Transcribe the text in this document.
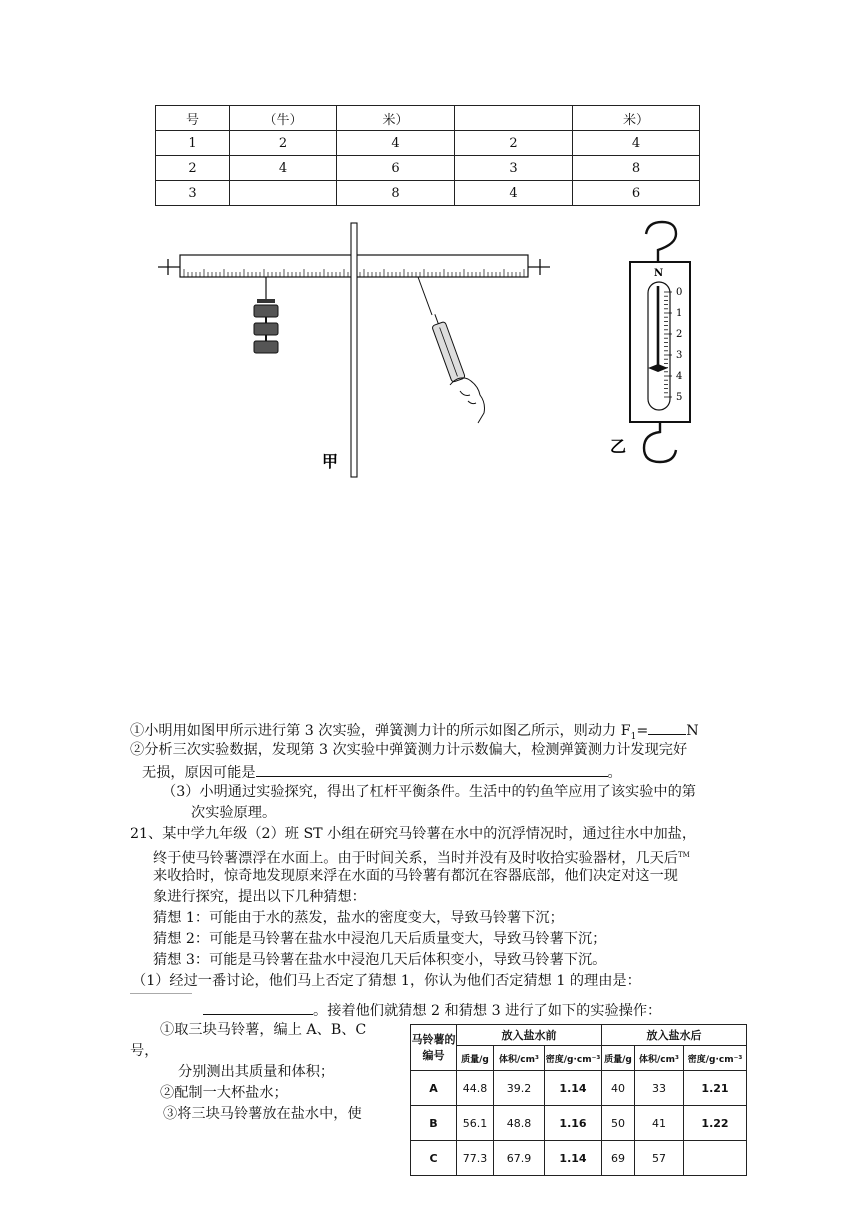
号	（牛）	米）		米）
1	2	4	2	4
2	4	6	3	8
3		8	4	6
甲
N
0
1
2
3
4
5
乙
①小明用如图甲所示进行第 3 次实验，弹簧测力计的所示如图乙所示，则动力 $F_1=$	N
②分析三次实验数据，发现第 3 次实验中弹簧测力计示数偏大，检测弹簧测力计发现完好
无损，原因可能是	。
（3）小明通过实验探究，得出了杠杆平衡条件。生活中的钓鱼竿应用了该实验中的第
次实验原理。
21、某中学九年级（2）班 ST 小组在研究马铃薯在水中的沉浮情况时，通过往水中加盐，
终于使马铃薯漂浮在水面上。由于时间关系，当时并没有及时收拾实验器材，几天后™
来收拾时，惊奇地发现原来浮在水面的马铃薯有都沉在容器底部，他们决定对这一现
象进行探究，提出以下几种猜想：
猜想 1：可能由于水的蒸发，盐水的密度变大，导致马铃薯下沉；
猜想 2：可能是马铃薯在盐水中浸泡几天后质量变大，导致马铃薯下沉；
猜想 3：可能是马铃薯在盐水中浸泡几天后体积变小，导致马铃薯下沉。
（1）经过一番讨论，他们马上否定了猜想 1，你认为他们否定猜想 1 的理由是：
。接着他们就猜想 2 和猜想 3 进行了如下的实验操作：
①取三块马铃薯，编上 A、B、C
号，
分别测出其质量和体积；
②配制一大杯盐水；
③将三块马铃薯放在盐水中，使
马铃薯的编号	放入盐水前			放入盐水后		
	质量/g	体积/cm³	密度/g·cm⁻³	质量/g	体积/cm³	密度/g·cm⁻³
A	44.8	39.2	1.14	40	33	1.21
B	56.1	48.8	1.16	50	41	1.22
C	77.3	67.9	1.14	69	57	
